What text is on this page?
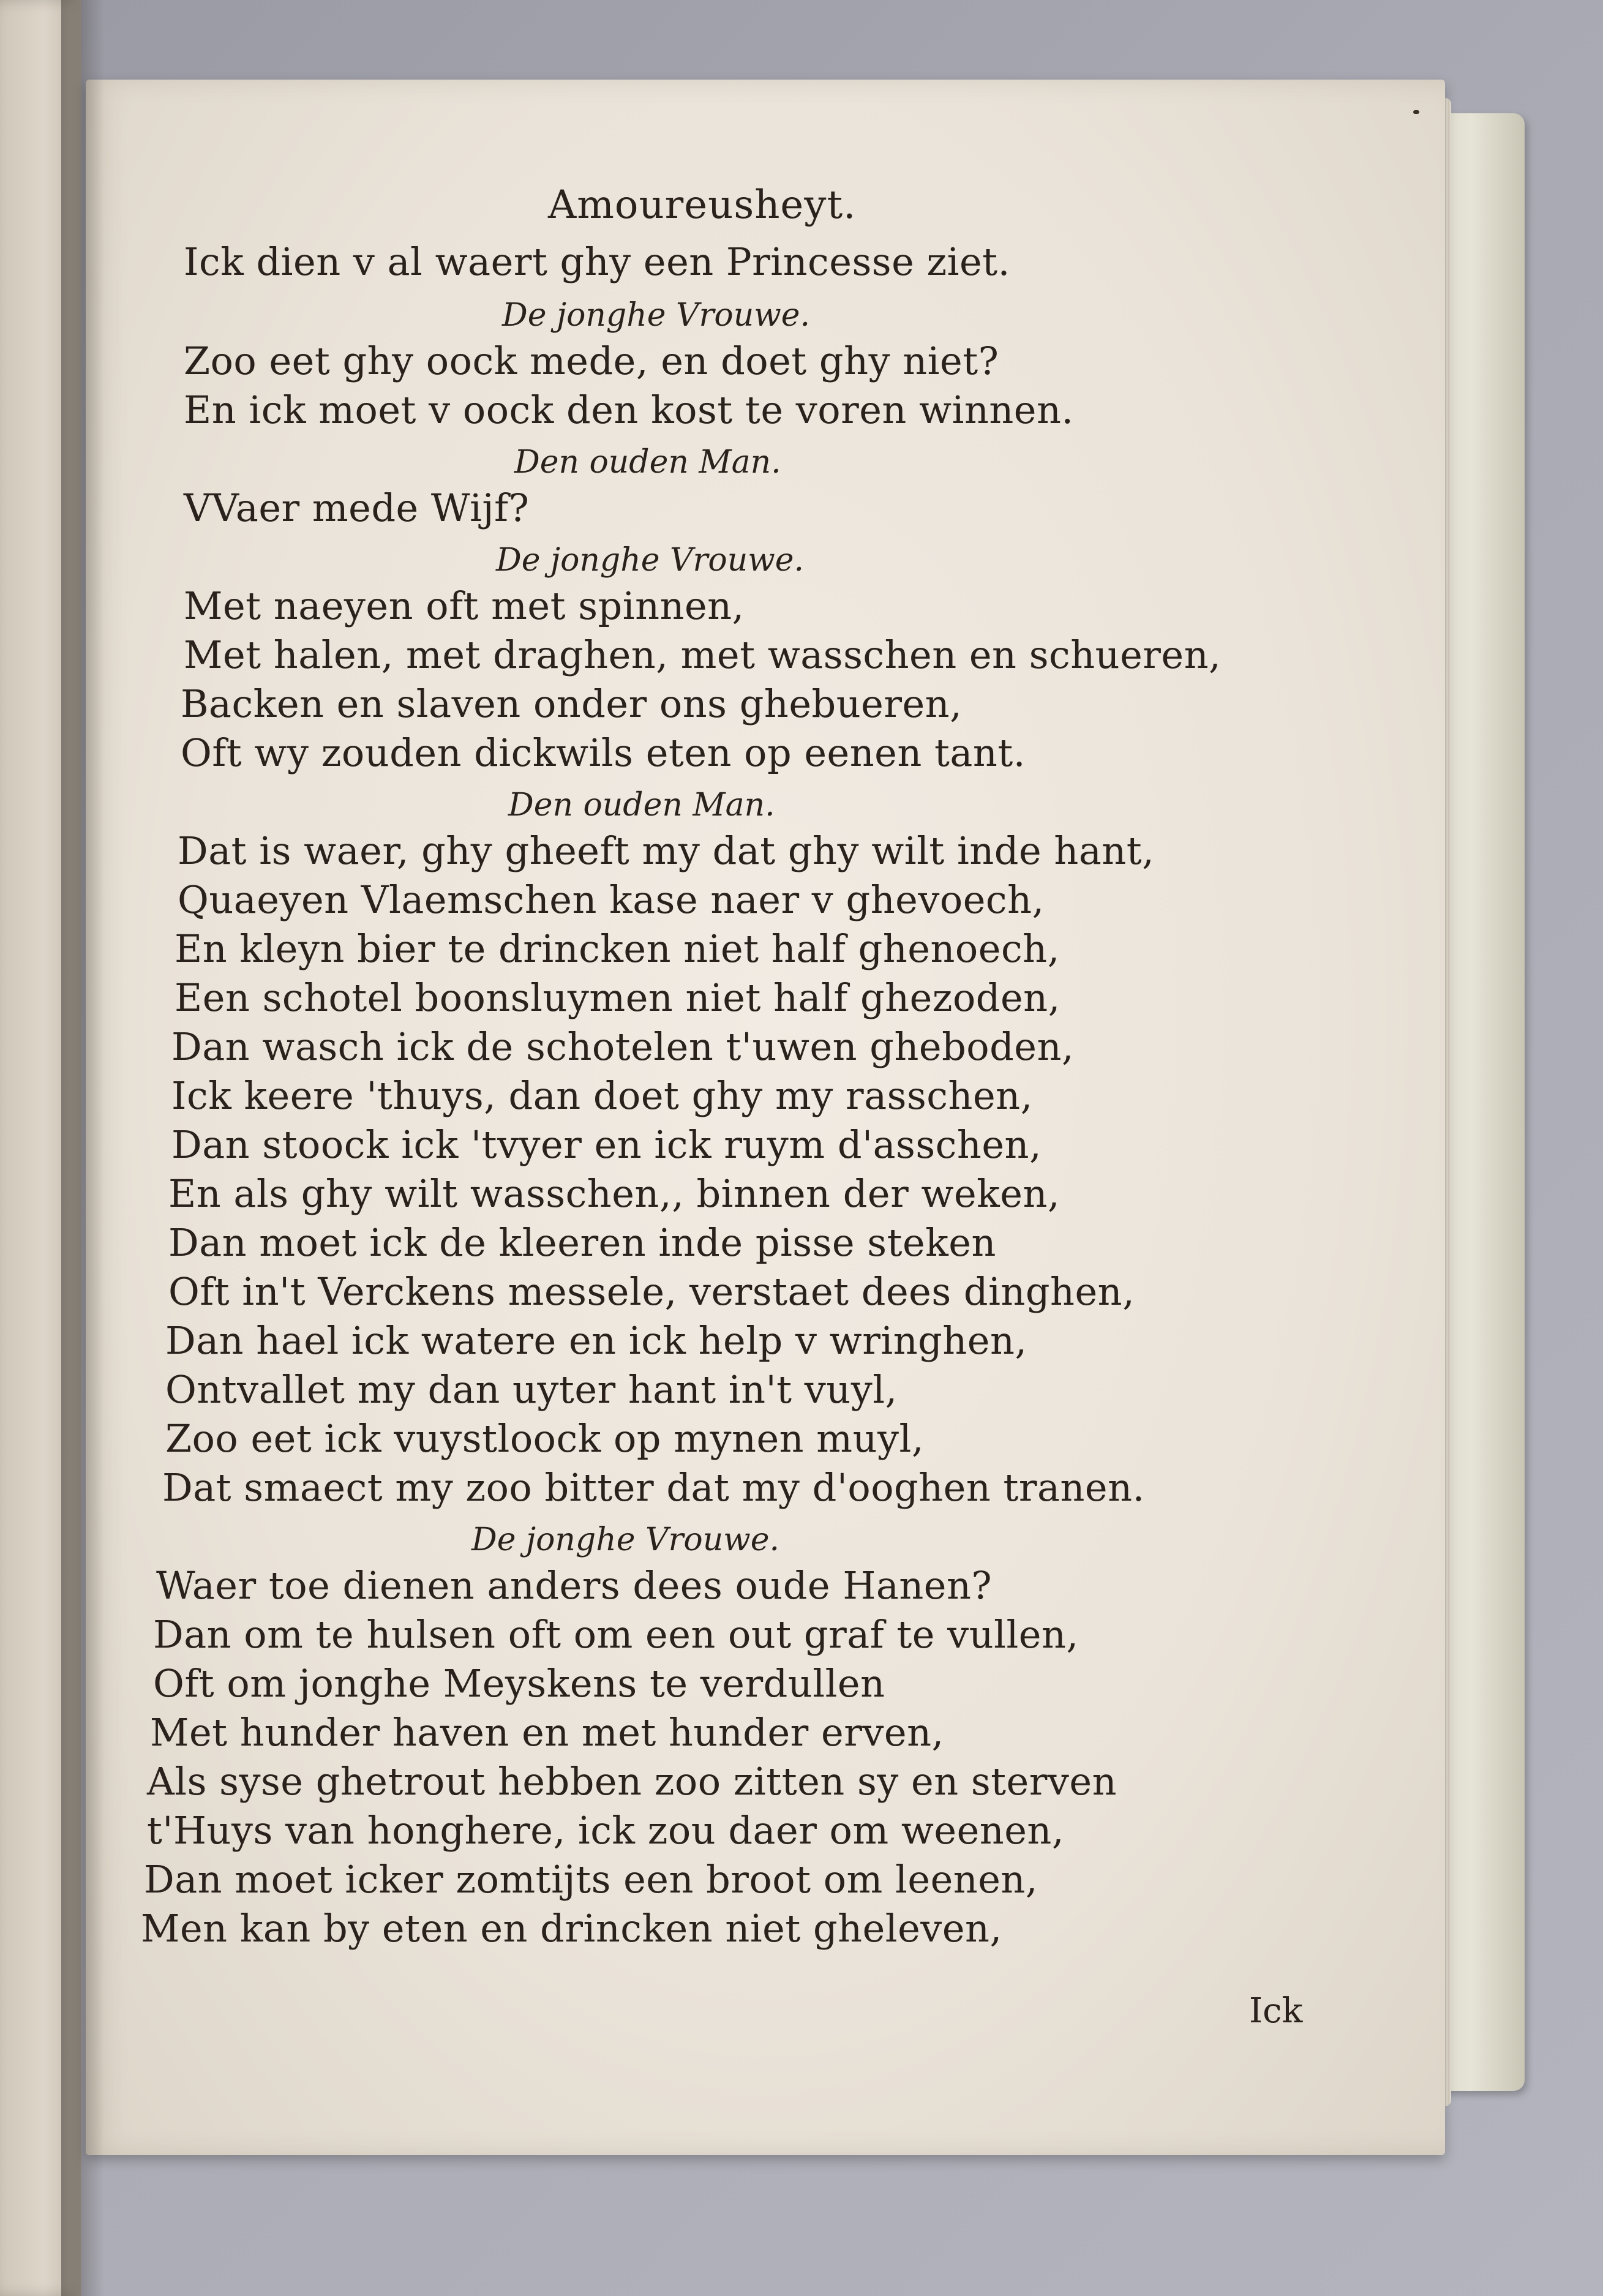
Amoureusheyt.
Ick dien v al waert ghy een Princesse ziet.
De jonghe Vrouwe.
Zoo eet ghy oock mede, en doet ghy niet?
En ick moet v oock den kost te voren winnen.
Den ouden Man.
VVaer mede Wijf?
De jonghe Vrouwe.
Met naeyen oft met spinnen,
Met halen, met draghen, met wasschen en schueren,
Backen en slaven onder ons ghebueren,
Oft wy zouden dickwils eten op eenen tant.
Den ouden Man.
Dat is waer, ghy gheeft my dat ghy wilt inde hant,
Quaeyen Vlaemschen kase naer v ghevoech,
En kleyn bier te drincken niet half ghenoech,
Een schotel boonsluymen niet half ghezoden,
Dan wasch ick de schotelen t'uwen gheboden,
Ick keere 'thuys, dan doet ghy my rasschen,
Dan stoock ick 'tvyer en ick ruym d'asschen,
En als ghy wilt wasschen,, binnen der weken,
Dan moet ick de kleeren inde pisse steken
Oft in't Verckens messele, verstaet dees dinghen,
Dan hael ick watere en ick help v wringhen,
Ontvallet my dan uyter hant in't vuyl,
Zoo eet ick vuystloock op mynen muyl,
Dat smaect my zoo bitter dat my d'ooghen tranen.
De jonghe Vrouwe.
Waer toe dienen anders dees oude Hanen?
Dan om te hulsen oft om een out graf te vullen,
Oft om jonghe Meyskens te verdullen
Met hunder haven en met hunder erven,
Als syse ghetrout hebben zoo zitten sy en sterven
t'Huys van honghere, ick zou daer om weenen,
Dan moet icker zomtijts een broot om leenen,
Men kan by eten en drincken niet gheleven,
Ick
